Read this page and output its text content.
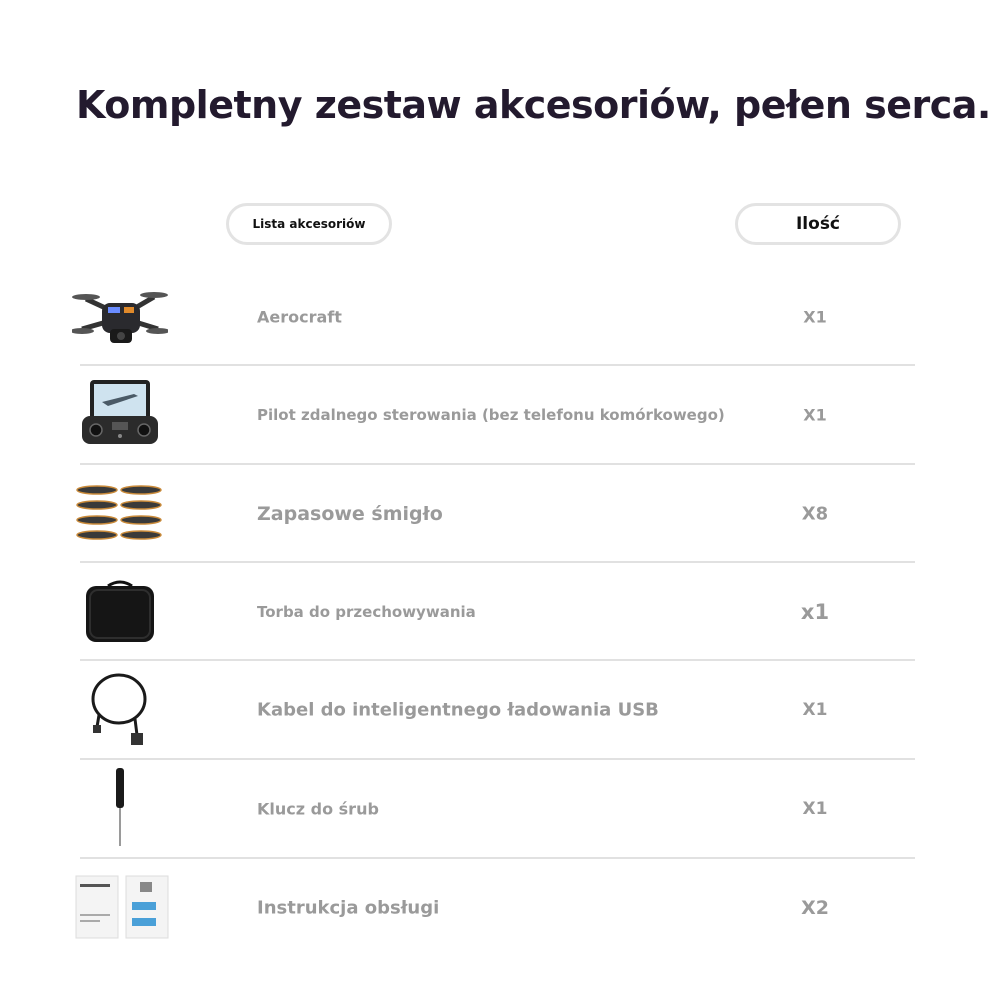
Kompletny zestaw akcesoriów, pełen serca.
Lista akcesoriów	Ilość
Aerocraft	X1
Pilot zdalnego sterowania (bez telefonu komórkowego)	X1
Zapasowe śmigło	X8
Torba do przechowywania	x1
Kabel do inteligentnego ładowania USB	X1
Klucz do śrub	X1
Instrukcja obsługi	X2
